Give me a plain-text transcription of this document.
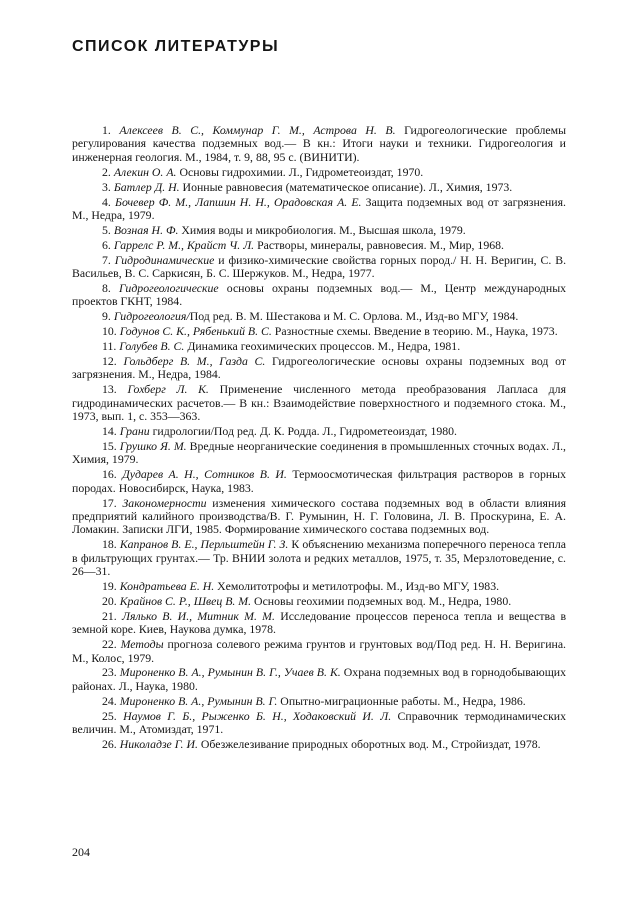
СПИСОК ЛИТЕРАТУРЫ

1. Алексеев В. С., Коммунар Г. М., Астрова Н. В. Гидрогеологические проблемы регулирования качества подземных вод.— В кн.: Итоги науки и техники. Гидрогеология и инженерная геология. М., 1984, т. 9, 88, 95 с. (ВИНИТИ).

2. Алекин О. А. Основы гидрохимии. Л., Гидрометеоиздат, 1970.

3. Батлер Д. Н. Ионные равновесия (математическое описание). Л., Химия, 1973.

4. Бочевер Ф. М., Лапшин Н. Н., Орадовская А. Е. Защита подземных вод от загрязнения. М., Недра, 1979.

5. Возная Н. Ф. Химия воды и микробиология. М., Высшая школа, 1979.

6. Гаррелс Р. М., Крайст Ч. Л. Растворы, минералы, равновесия. М., Мир, 1968.

7. Гидродинамические и физико-химические свойства горных пород./ Н. Н. Веригин, С. В. Васильев, В. С. Саркисян, Б. С. Шержуков. М., Недра, 1977.

8. Гидрогеологические основы охраны подземных вод.— М., Центр международных проектов ГКНТ, 1984.

9. Гидрогеология/Под ред. В. М. Шестакова и М. С. Орлова. М., Изд-во МГУ, 1984.

10. Годунов С. К., Рябенький В. С. Разностные схемы. Введение в теорию. М., Наука, 1973.

11. Голубев В. С. Динамика геохимических процессов. М., Недра, 1981.

12. Гольдберг В. М., Газда С. Гидрогеологические основы охраны подземных вод от загрязнения. М., Недра, 1984.

13. Гохберг Л. К. Применение численного метода преобразования Лапласа для гидродинамических расчетов.— В кн.: Взаимодействие поверхностного и подземного стока. М., 1973, вып. 1, с. 353—363.

14. Грани гидрологии/Под ред. Д. К. Родда. Л., Гидрометеоиздат, 1980.

15. Грушко Я. М. Вредные неорганические соединения в промышленных сточных водах. Л., Химия, 1979.

16. Дударев А. Н., Сотников В. И. Термоосмотическая фильтрация растворов в горных породах. Новосибирск, Наука, 1983.

17. Закономерности изменения химического состава подземных вод в области влияния предприятий калийного производства/В. Г. Румынин, Н. Г. Головина, Л. В. Проскурина, Е. А. Ломакин. Записки ЛГИ, 1985. Формирование химического состава подземных вод.

18. Капранов В. Е., Перльштейн Г. З. К объяснению механизма поперечного переноса тепла в фильтрующих грунтах.— Тр. ВНИИ золота и редких металлов, 1975, т. 35, Мерзлотоведение, с. 26—31.

19. Кондратьева Е. Н. Хемолитотрофы и метилотрофы. М., Изд-во МГУ, 1983.

20. Крайнов С. Р., Швец В. М. Основы геохимии подземных вод. М., Недра, 1980.

21. Лялько В. И., Митник М. М. Исследование процессов переноса тепла и вещества в земной коре. Киев, Наукова думка, 1978.

22. Методы прогноза солевого режима грунтов и грунтовых вод/Под ред. Н. Н. Веригина. М., Колос, 1979.

23. Мироненко В. А., Румынин В. Г., Учаев В. К. Охрана подземных вод в горнодобывающих районах. Л., Наука, 1980.

24. Мироненко В. А., Румынин В. Г. Опытно-миграционные работы. М., Недра, 1986.

25. Наумов Г. Б., Рыженко Б. Н., Ходаковский И. Л. Справочник термодинамических величин. М., Атомиздат, 1971.

26. Николадзе Г. И. Обезжелезивание природных оборотных вод. М., Стройиздат, 1978.

204
